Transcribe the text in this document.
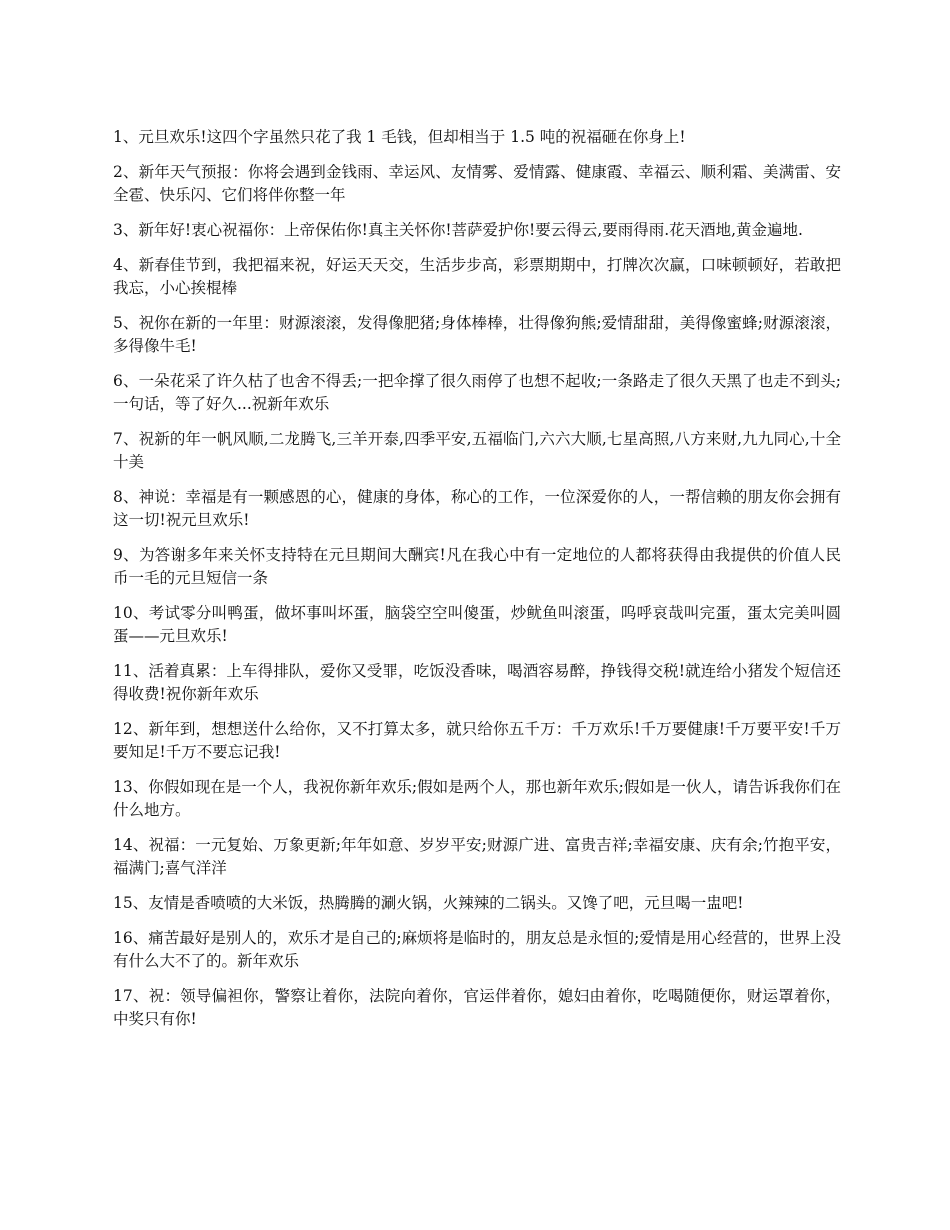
1、元旦欢乐!这四个字虽然只花了我 1 毛钱，但却相当于 1.5 吨的祝福砸在你身上!

2、新年天气预报：你将会遇到金钱雨、幸运风、友情雾、爱情露、健康霞、幸福云、顺利霜、美满雷、安全雹、快乐闪、它们将伴你整一年

3、新年好!衷心祝福你：上帝保佑你!真主关怀你!菩萨爱护你!要云得云,要雨得雨.花天酒地,黄金遍地.

4、新春佳节到，我把福来祝，好运天天交，生活步步高，彩票期期中，打牌次次赢，口味顿顿好，若敢把我忘，小心挨棍棒

5、祝你在新的一年里：财源滚滚，发得像肥猪;身体棒棒，壮得像狗熊;爱情甜甜，美得像蜜蜂;财源滚滚，多得像牛毛!

6、一朵花采了许久枯了也舍不得丢;一把伞撑了很久雨停了也想不起收;一条路走了很久天黑了也走不到头;一句话，等了好久...祝新年欢乐

7、祝新的年一帆风顺,二龙腾飞,三羊开泰,四季平安,五福临门,六六大顺,七星高照,八方来财,九九同心,十全十美

8、神说：幸福是有一颗感恩的心，健康的身体，称心的工作，一位深爱你的人，一帮信赖的朋友你会拥有这一切!祝元旦欢乐!

9、为答谢多年来关怀支持特在元旦期间大酬宾!凡在我心中有一定地位的人都将获得由我提供的价值人民币一毛的元旦短信一条

10、考试零分叫鸭蛋，做坏事叫坏蛋，脑袋空空叫傻蛋，炒鱿鱼叫滚蛋，呜呼哀哉叫完蛋，蛋太完美叫圆蛋——元旦欢乐!

11、活着真累：上车得排队，爱你又受罪，吃饭没香味，喝酒容易醉，挣钱得交税!就连给小猪发个短信还得收费!祝你新年欢乐

12、新年到，想想送什么给你，又不打算太多，就只给你五千万：千万欢乐!千万要健康!千万要平安!千万要知足!千万不要忘记我!

13、你假如现在是一个人，我祝你新年欢乐;假如是两个人，那也新年欢乐;假如是一伙人，请告诉我你们在什么地方。

14、祝福：一元复始、万象更新;年年如意、岁岁平安;财源广进、富贵吉祥;幸福安康、庆有余;竹抱平安，福满门;喜气洋洋

15、友情是香喷喷的大米饭，热腾腾的涮火锅，火辣辣的二锅头。又馋了吧，元旦喝一盅吧!

16、痛苦最好是别人的，欢乐才是自己的;麻烦将是临时的，朋友总是永恒的;爱情是用心经营的，世界上没有什么大不了的。新年欢乐

17、祝：领导偏袒你，警察让着你，法院向着你，官运伴着你，媳妇由着你，吃喝随便你，财运罩着你，中奖只有你!
